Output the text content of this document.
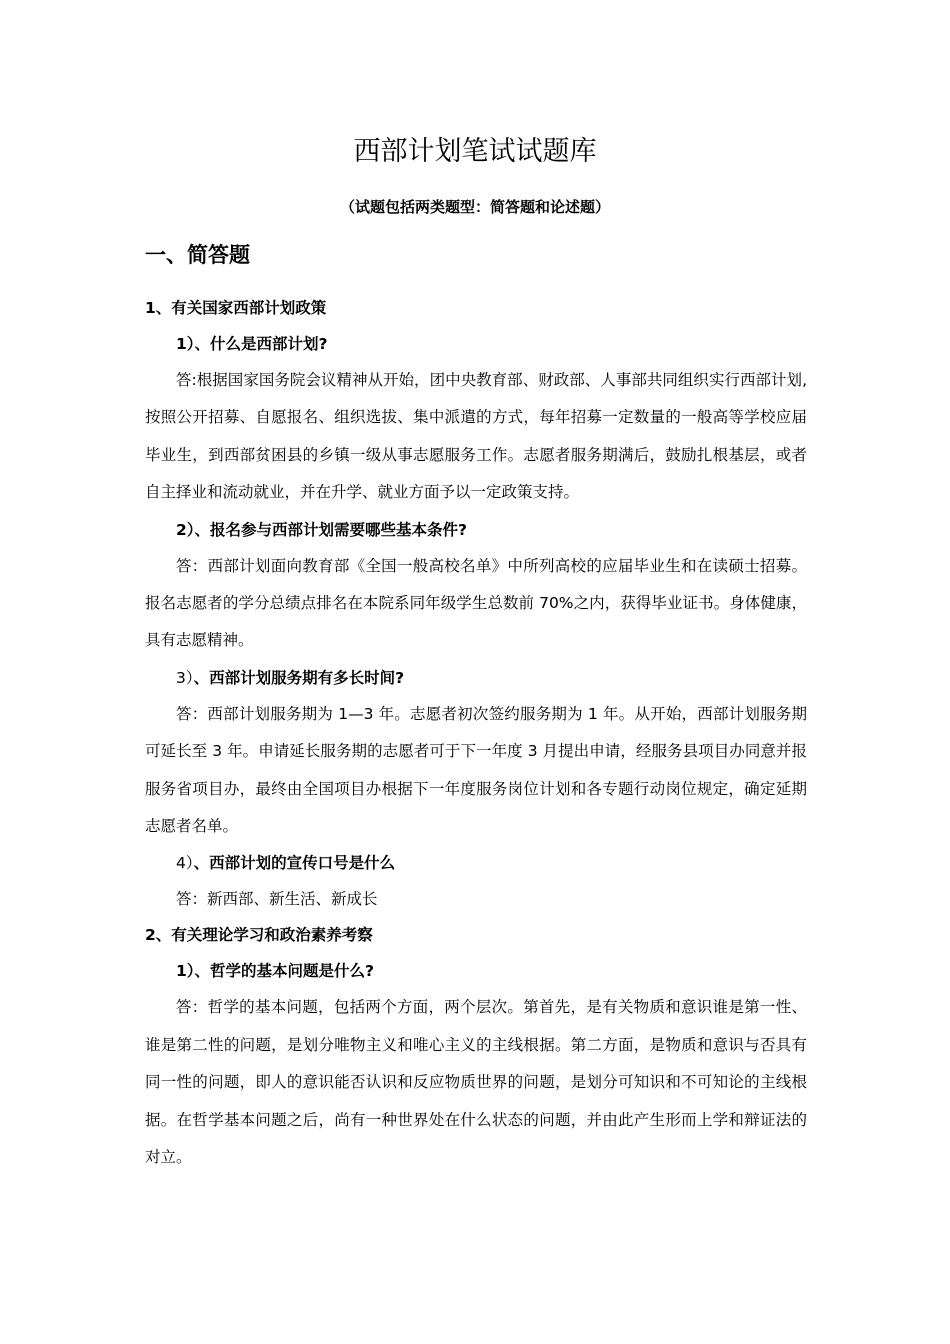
西部计划笔试试题库
（试题包括两类题型：简答题和论述题）
一、简答题

1、有关国家西部计划政策

1）、什么是西部计划?

答:根据国家国务院会议精神从开始，团中央教育部、财政部、人事部共同组织实行西部计划,按照公开招募、自愿报名、组织选拔、集中派遣的方式，每年招募一定数量的一般高等学校应届毕业生，到西部贫困县的乡镇一级从事志愿服务工作。志愿者服务期满后，鼓励扎根基层，或者自主择业和流动就业，并在升学、就业方面予以一定政策支持。

2）、报名参与西部计划需要哪些基本条件?

答：西部计划面向教育部《全国一般高校名单》中所列高校的应届毕业生和在读硕士招募。报名志愿者的学分总绩点排名在本院系同年级学生总数前 70%之内，获得毕业证书。身体健康，具有志愿精神。

3）、西部计划服务期有多长时间?

答：西部计划服务期为 1—3 年。志愿者初次签约服务期为 1 年。从开始，西部计划服务期可延长至 3 年。申请延长服务期的志愿者可于下一年度 3 月提出申请，经服务县项目办同意并报服务省项目办，最终由全国项目办根据下一年度服务岗位计划和各专题行动岗位规定，确定延期志愿者名单。

4）、西部计划的宣传口号是什么

答：新西部、新生活、新成长

2、有关理论学习和政治素养考察

1）、哲学的基本问题是什么?

答：哲学的基本问题，包括两个方面，两个层次。第首先，是有关物质和意识谁是第一性、谁是第二性的问题，是划分唯物主义和唯心主义的主线根据。第二方面，是物质和意识与否具有同一性的问题，即人的意识能否认识和反应物质世界的问题，是划分可知识和不可知论的主线根据。在哲学基本问题之后，尚有一种世界处在什么状态的问题，并由此产生形而上学和辩证法的对立。
